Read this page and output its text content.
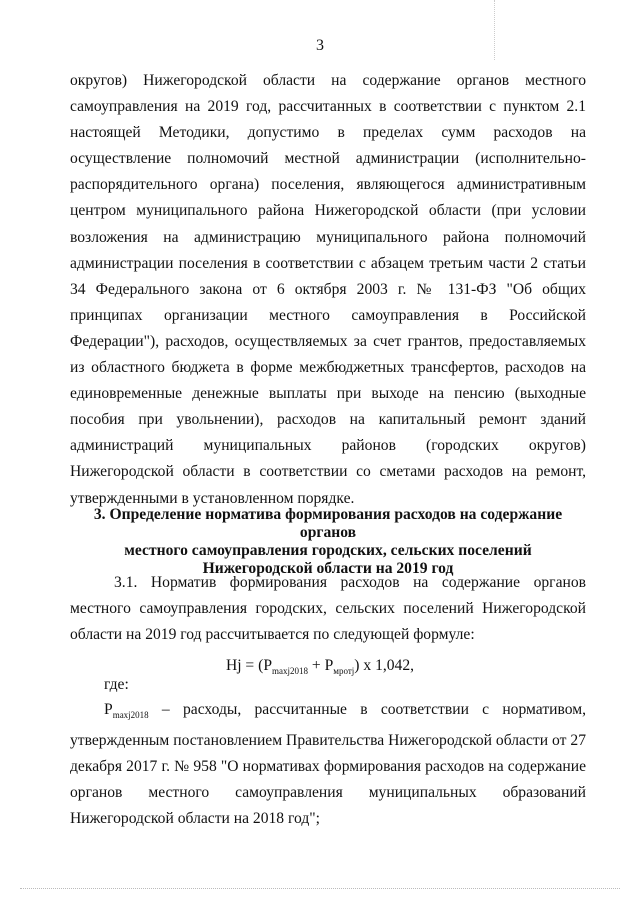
3

округов) Нижегородской области на содержание органов местного самоуправления на 2019 год, рассчитанных в соответствии с пунктом 2.1 настоящей Методики, допустимо в пределах сумм расходов на осуществление полномочий местной администрации (исполнительно-распорядительного органа) поселения, являющегося административным центром муниципального района Нижегородской области (при условии возложения на администрацию муниципального района полномочий администрации поселения в соответствии с абзацем третьим части 2 статьи 34 Федерального закона от 6 октября 2003 г. № 131-ФЗ "Об общих принципах организации местного самоуправления в Российской Федерации"), расходов, осуществляемых за счет грантов, предоставляемых из областного бюджета в форме межбюджетных трансфертов, расходов на единовременные денежные выплаты при выходе на пенсию (выходные пособия при увольнении), расходов на капитальный ремонт зданий администраций муниципальных районов (городских округов) Нижегородской области в соответствии со сметами расходов на ремонт, утвержденными в установленном порядке.

3. Определение норматива формирования расходов на содержание органов
местного самоуправления городских, сельских поселений
Нижегородской области на 2019 год

3.1. Норматив формирования расходов на содержание органов местного самоуправления городских, сельских поселений Нижегородской области на 2019 год рассчитывается по следующей формуле:

$Hj = (P_{maxj2018} + P_{мротj})$ х 1,042,
где:

$P_{maxj2018}$ – расходы, рассчитанные в соответствии с нормативом, утвержденным постановлением Правительства Нижегородской области от 27 декабря 2017 г. № 958 "О нормативах формирования расходов на содержание органов местного самоуправления муниципальных образований Нижегородской области на 2018 год";
